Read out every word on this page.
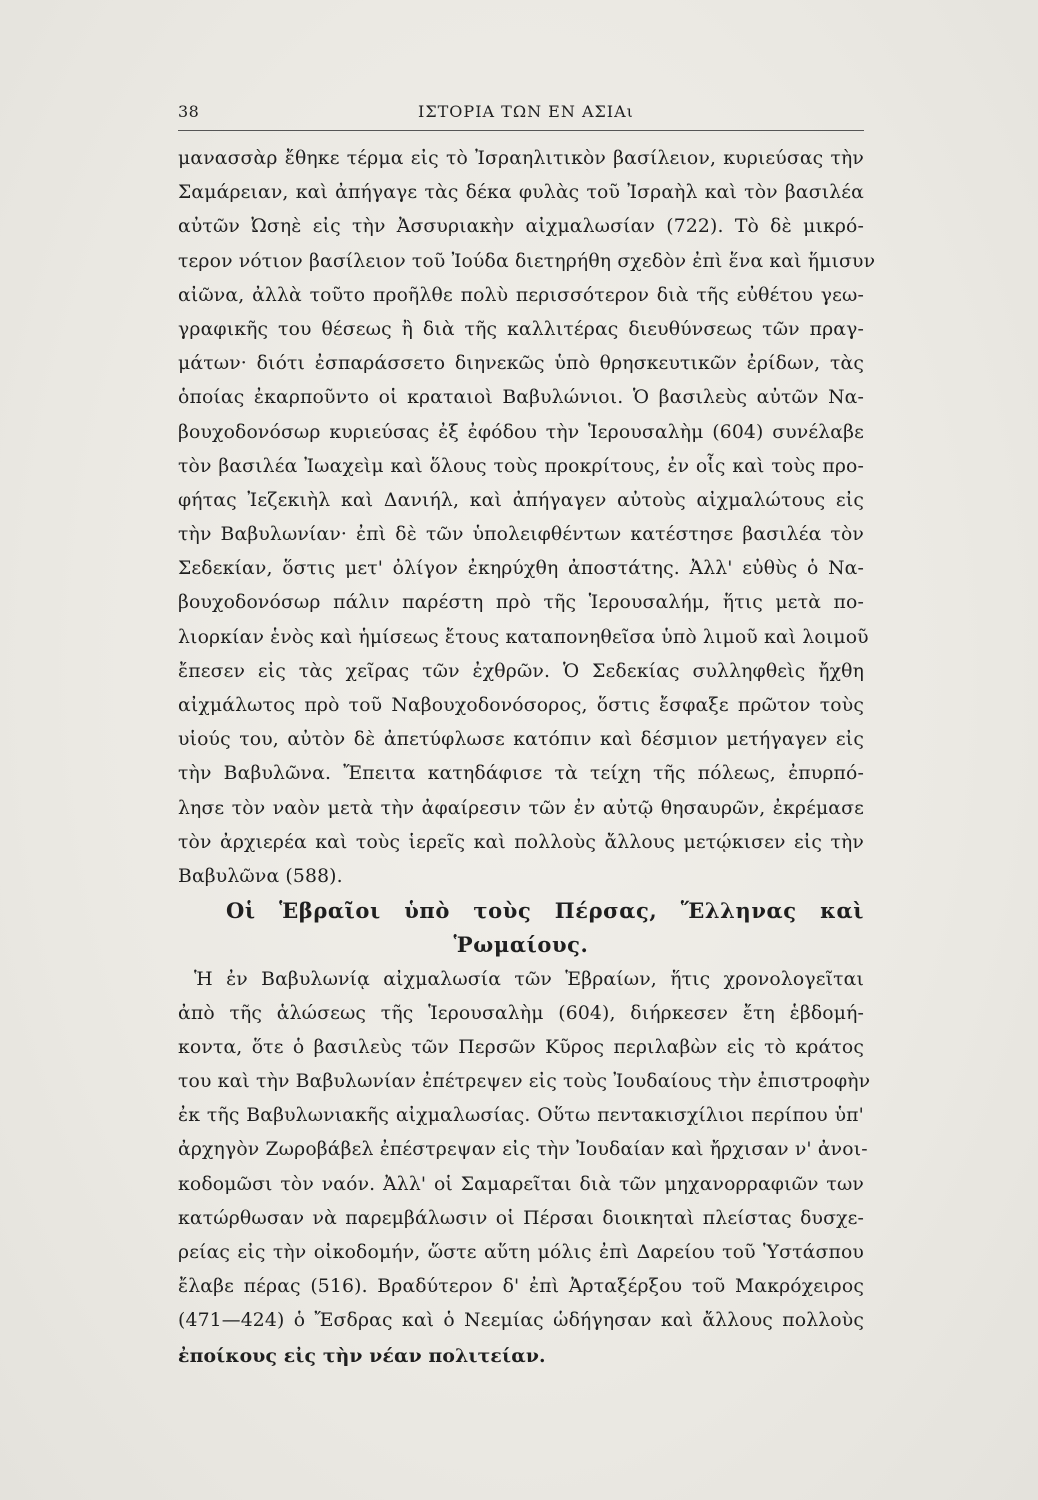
38	ΙΣΤΟΡΙΑ ΤΩΝ ΕΝ ΑΣΙΑι
μανασσὰρ ἔθηκε τέρμα εἰς τὸ Ἰσραηλιτικὸν βασίλειον, κυριεύσας τὴν
Σαμάρειαν, καὶ ἀπήγαγε τὰς δέκα φυλὰς τοῦ Ἰσραὴλ καὶ τὸν βασιλέα
αὐτῶν Ὠσηὲ εἰς τὴν Ἀσσυριακὴν αἰχμαλωσίαν (722). Τὸ δὲ μικρό-
τερον νότιον βασίλειον τοῦ Ἰούδα διετηρήθη σχεδὸν ἐπὶ ἕνα καὶ ἥμισυν
αἰῶνα, ἀλλὰ τοῦτο προῆλθε πολὺ περισσότερον διὰ τῆς εὐθέτου γεω-
γραφικῆς του θέσεως ἢ διὰ τῆς καλλιτέρας διευθύνσεως τῶν πραγ-
μάτων· διότι ἐσπαράσσετο διηνεκῶς ὑπὸ θρησκευτικῶν ἐρίδων, τὰς
ὁποίας ἐκαρποῦντο οἱ κραταιοὶ Βαβυλώνιοι. Ὁ βασιλεὺς αὐτῶν Να-
βουχοδονόσωρ κυριεύσας ἐξ ἐφόδου τὴν Ἱερουσαλὴμ (604) συνέλαβε
τὸν βασιλέα Ἰωαχεὶμ καὶ ὅλους τοὺς προκρίτους, ἐν οἷς καὶ τοὺς προ-
φήτας Ἰεζεκιὴλ καὶ Δανιήλ, καὶ ἀπήγαγεν αὐτοὺς αἰχμαλώτους εἰς
τὴν Βαβυλωνίαν· ἐπὶ δὲ τῶν ὑπολειφθέντων κατέστησε βασιλέα τὸν
Σεδεκίαν, ὅστις μετ' ὀλίγον ἐκηρύχθη ἀποστάτης. Ἀλλ' εὐθὺς ὁ Να-
βουχοδονόσωρ πάλιν παρέστη πρὸ τῆς Ἱερουσαλήμ, ἥτις μετὰ πο-
λιορκίαν ἑνὸς καὶ ἡμίσεως ἔτους καταπονηθεῖσα ὑπὸ λιμοῦ καὶ λοιμοῦ
ἔπεσεν εἰς τὰς χεῖρας τῶν ἐχθρῶν. Ὁ Σεδεκίας συλληφθεὶς ἤχθη
αἰχμάλωτος πρὸ τοῦ Ναβουχοδονόσορος, ὅστις ἔσφαξε πρῶτον τοὺς
υἱούς του, αὐτὸν δὲ ἀπετύφλωσε κατόπιν καὶ δέσμιον μετήγαγεν εἰς
τὴν Βαβυλῶνα. Ἔπειτα κατηδάφισε τὰ τείχη τῆς πόλεως, ἐπυρπό-
λησε τὸν ναὸν μετὰ τὴν ἀφαίρεσιν τῶν ἐν αὐτῷ θησαυρῶν, ἐκρέμασε
τὸν ἀρχιερέα καὶ τοὺς ἱερεῖς καὶ πολλοὺς ἄλλους μετῴκισεν εἰς τὴν
Βαβυλῶνα (588).
Οἱ Ἑβραῖοι ὑπὸ τοὺς Πέρσας, Ἕλληνας καὶ
Ῥωμαίους.
Ἡ ἐν Βαβυλωνίᾳ αἰχμαλωσία τῶν Ἑβραίων, ἥτις χρονολογεῖται
ἀπὸ τῆς ἁλώσεως τῆς Ἱερουσαλὴμ (604), διήρκεσεν ἔτη ἑβδομή-
κοντα, ὅτε ὁ βασιλεὺς τῶν Περσῶν Κῦρος περιλαβὼν εἰς τὸ κράτος
του καὶ τὴν Βαβυλωνίαν ἐπέτρεψεν εἰς τοὺς Ἰουδαίους τὴν ἐπιστροφὴν
ἐκ τῆς Βαβυλωνιακῆς αἰχμαλωσίας. Οὕτω πεντακισχίλιοι περίπου ὑπ'
ἀρχηγὸν Ζωροβάβελ ἐπέστρεψαν εἰς τὴν Ἰουδαίαν καὶ ἤρχισαν ν' ἀνοι-
κοδομῶσι τὸν ναόν. Ἀλλ' οἱ Σαμαρεῖται διὰ τῶν μηχανορραφιῶν των
κατώρθωσαν νὰ παρεμβάλωσιν οἱ Πέρσαι διοικηταὶ πλείστας δυσχε-
ρείας εἰς τὴν οἰκοδομήν, ὥστε αὕτη μόλις ἐπὶ Δαρείου τοῦ Ὑστάσπου
ἔλαβε πέρας (516). Βραδύτερον δ' ἐπὶ Ἀρταξέρξου τοῦ Μακρόχειρος
(471—424) ὁ Ἔσδρας καὶ ὁ Νεεμίας ὡδήγησαν καὶ ἄλλους πολλοὺς
ἐποίκους εἰς τὴν νέαν πολιτείαν.
